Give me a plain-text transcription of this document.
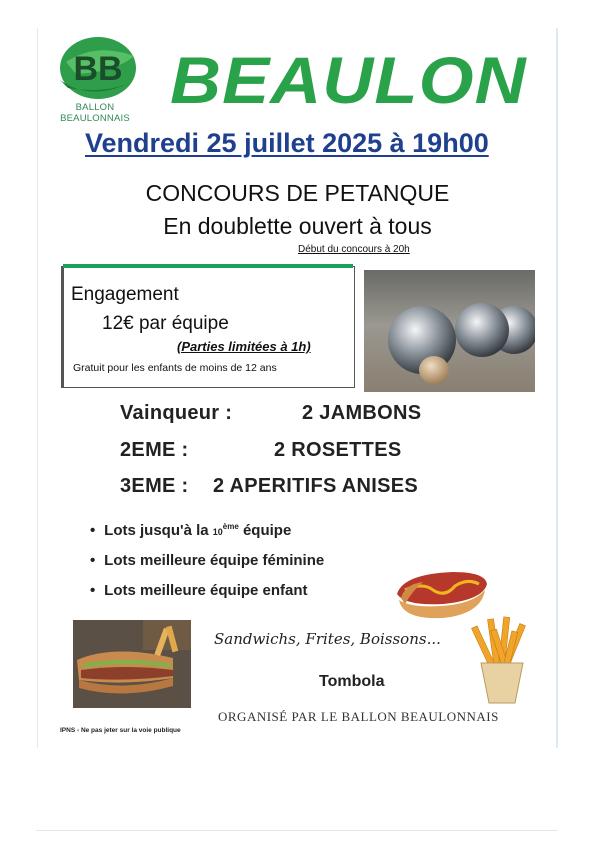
BB
BALLON BEAULONNAIS
BEAULON
Vendredi 25 juillet 2025 à 19h00
CONCOURS DE PETANQUE
En doublette ouvert à tous
Début du concours à 20h
Engagement
12€ par équipe
(Parties limitées à 1h)
Gratuit pour les enfants de moins de 12 ans
Vainqueur :	2 JAMBONS
2EME :	2 ROSETTES
3EME : 2 APERITIFS ANISES
• Lots jusqu'à la 10ème équipe
• Lots meilleure équipe féminine
• Lots meilleure équipe enfant
Sandwichs, Frites, Boissons...
Tombola
ORGANISÉ PAR LE BALLON BEAULONNAIS
IPNS - Ne pas jeter sur la voie publique
